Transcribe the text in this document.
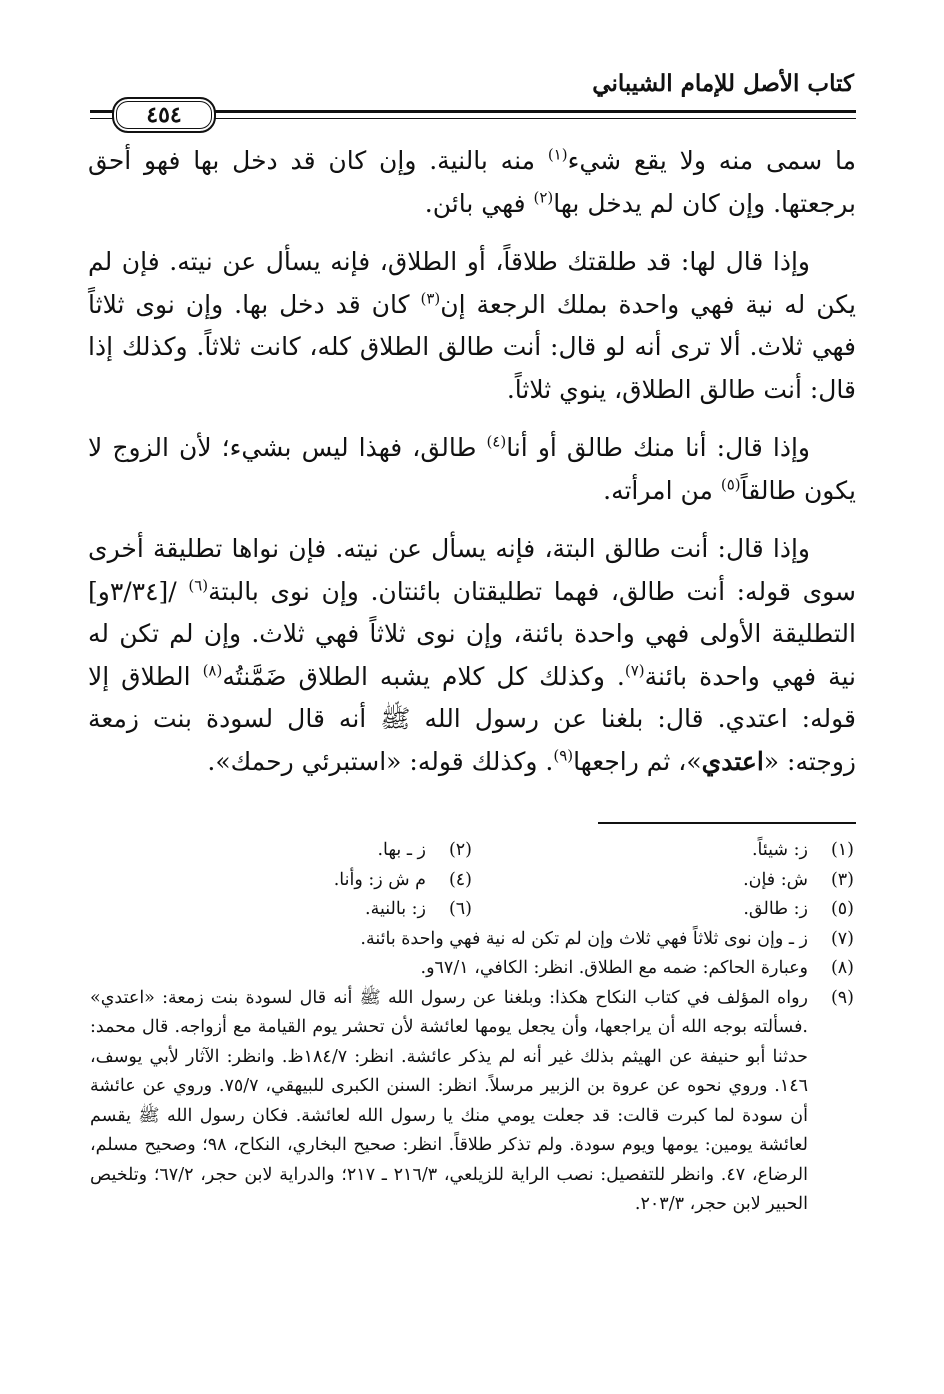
كتاب الأصل للإمام الشيباني
٤٥٤

ما سمى منه ولا يقع شيء$^{(١)}$ منه بالنية. وإن كان قد دخل بها فهو أحق برجعتها. وإن كان لم يدخل بها$^{(٢)}$ فهي بائن.

وإذا قال لها: قد طلقتك طلاقاً، أو الطلاق، فإنه يسأل عن نيته. فإن لم يكن له نية فهي واحدة بملك الرجعة إن$^{(٣)}$ كان قد دخل بها. وإن نوى ثلاثاً فهي ثلاث. ألا ترى أنه لو قال: أنت طالق الطلاق كله، كانت ثلاثاً. وكذلك إذا قال: أنت طالق الطلاق، ينوي ثلاثاً.

وإذا قال: أنا منك طالق أو أنا$^{(٤)}$ طالق، فهذا ليس بشيء؛ لأن الزوج لا يكون طالقاً$^{(٥)}$ من امرأته.

وإذا قال: أنت طالق البتة، فإنه يسأل عن نيته. فإن نواها تطليقة أخرى سوى قوله: أنت طالق، فهما تطليقتان بائنتان. وإن نوى بالبتة$^{(٦)}$ /[٣/٣٤و] التطليقة الأولى فهي واحدة بائنة، وإن نوى ثلاثاً فهي ثلاث. وإن لم تكن له نية فهي واحدة بائنة$^{(٧)}$. وكذلك كل كلام يشبه الطلاق ضَمَّنتُه$^{(٨)}$ الطلاق إلا قوله: اعتدي. قال: بلغنا عن رسول الله ﷺ أنه قال لسودة بنت زمعة زوجته: «اعتدي»، ثم راجعها$^{(٩)}$. وكذلك قوله: «استبرئي رحمك».

(١)
ز: شيئاً.
(٢)
ز ـ بها.
(٣)
ش: فإن.
(٤)
م ش ز: وأنا.
(٥)
ز: طالق.
(٦)
ز: بالنية.
(٧)
ز ـ وإن نوى ثلاثاً فهي ثلاث وإن لم تكن له نية فهي واحدة بائنة.
(٨)
وعبارة الحاكم: ضمه مع الطلاق. انظر: الكافي، ٦٧/١و.
(٩)
رواه المؤلف في كتاب النكاح هكذا: وبلغنا عن رسول الله ﷺ أنه قال لسودة بنت زمعة: «اعتدي» .فسألته بوجه الله أن يراجعها، وأن يجعل يومها لعائشة لأن تحشر يوم القيامة مع أزواجه. قال محمد: حدثنا أبو حنيفة عن الهيثم بذلك غير أنه لم يذكر عائشة. انظر: ١٨٤/٧ظ. وانظر: الآثار لأبي يوسف، ١٤٦. وروي نحوه عن عروة بن الزبير مرسلاً. انظر: السنن الكبرى للبيهقي، ٧٥/٧. وروي عن عائشة أن سودة لما كبرت قالت: قد جعلت يومي منك يا رسول الله لعائشة. فكان رسول الله ﷺ يقسم لعائشة يومين: يومها ويوم سودة. ولم تذكر طلاقاً. انظر: صحيح البخاري، النكاح، ٩٨؛ وصحيح مسلم، الرضاع، ٤٧. وانظر للتفصيل: نصب الراية للزيلعي، ٢١٦/٣ ـ ٢١٧؛ والدراية لابن حجر، ٦٧/٢؛ وتلخيص الحبير لابن حجر، ٢٠٣/٣.
